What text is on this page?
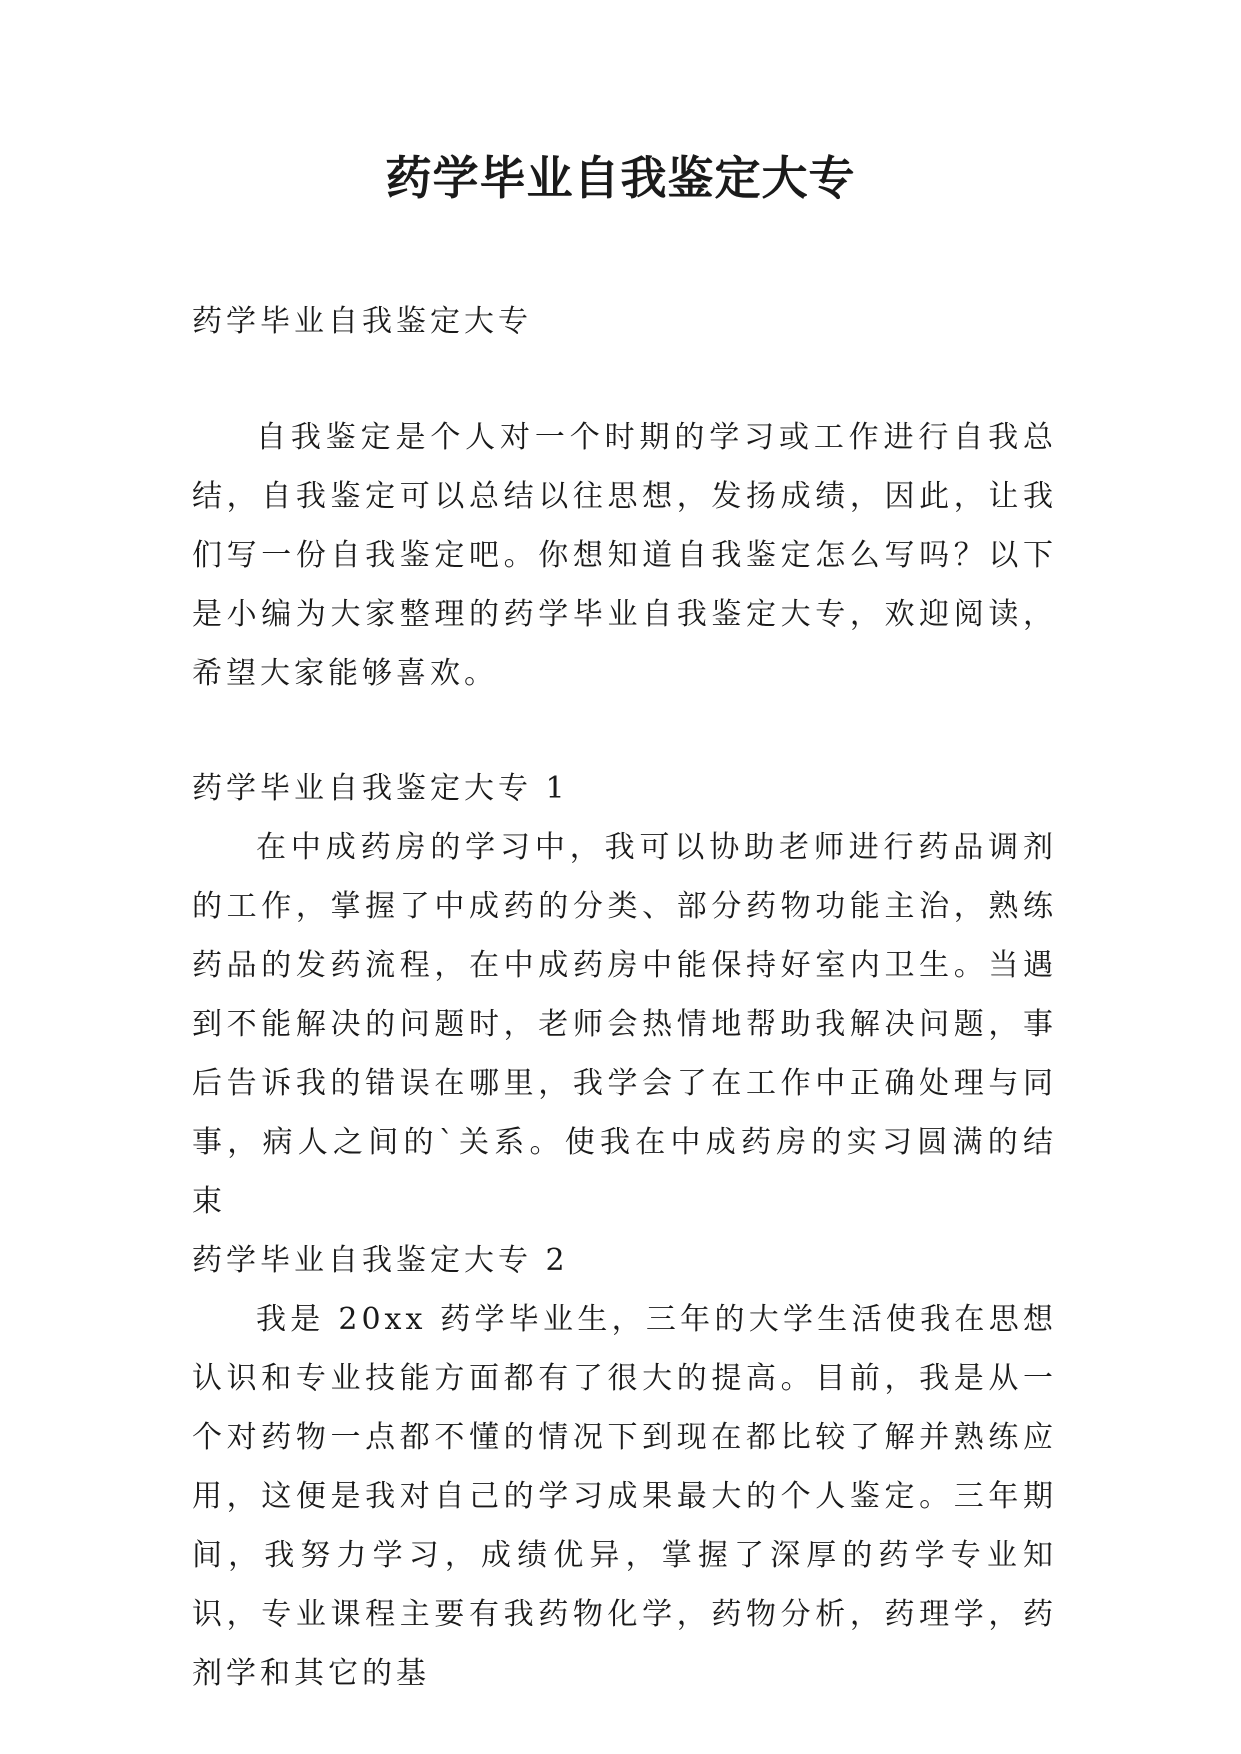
药学毕业自我鉴定大专

药学毕业自我鉴定大专

自我鉴定是个人对一个时期的学习或工作进行自我总结，自我鉴定可以总结以往思想，发扬成绩，因此，让我们写一份自我鉴定吧。你想知道自我鉴定怎么写吗？以下是小编为大家整理的药学毕业自我鉴定大专，欢迎阅读，希望大家能够喜欢。

药学毕业自我鉴定大专 1

在中成药房的学习中，我可以协助老师进行药品调剂的工作，掌握了中成药的分类、部分药物功能主治，熟练药品的发药流程，在中成药房中能保持好室内卫生。当遇到不能解决的问题时，老师会热情地帮助我解决问题，事后告诉我的错误在哪里，我学会了在工作中正确处理与同事，病人之间的`关系。使我在中成药房的实习圆满的结束

药学毕业自我鉴定大专 2

我是 20xx 药学毕业生，三年的大学生活使我在思想认识和专业技能方面都有了很大的提高。目前，我是从一个对药物一点都不懂的情况下到现在都比较了解并熟练应用，这便是我对自己的学习成果最大的个人鉴定。三年期间，我努力学习，成绩优异，掌握了深厚的药学专业知识，专业课程主要有我药物化学，药物分析，药理学，药剂学和其它的基
